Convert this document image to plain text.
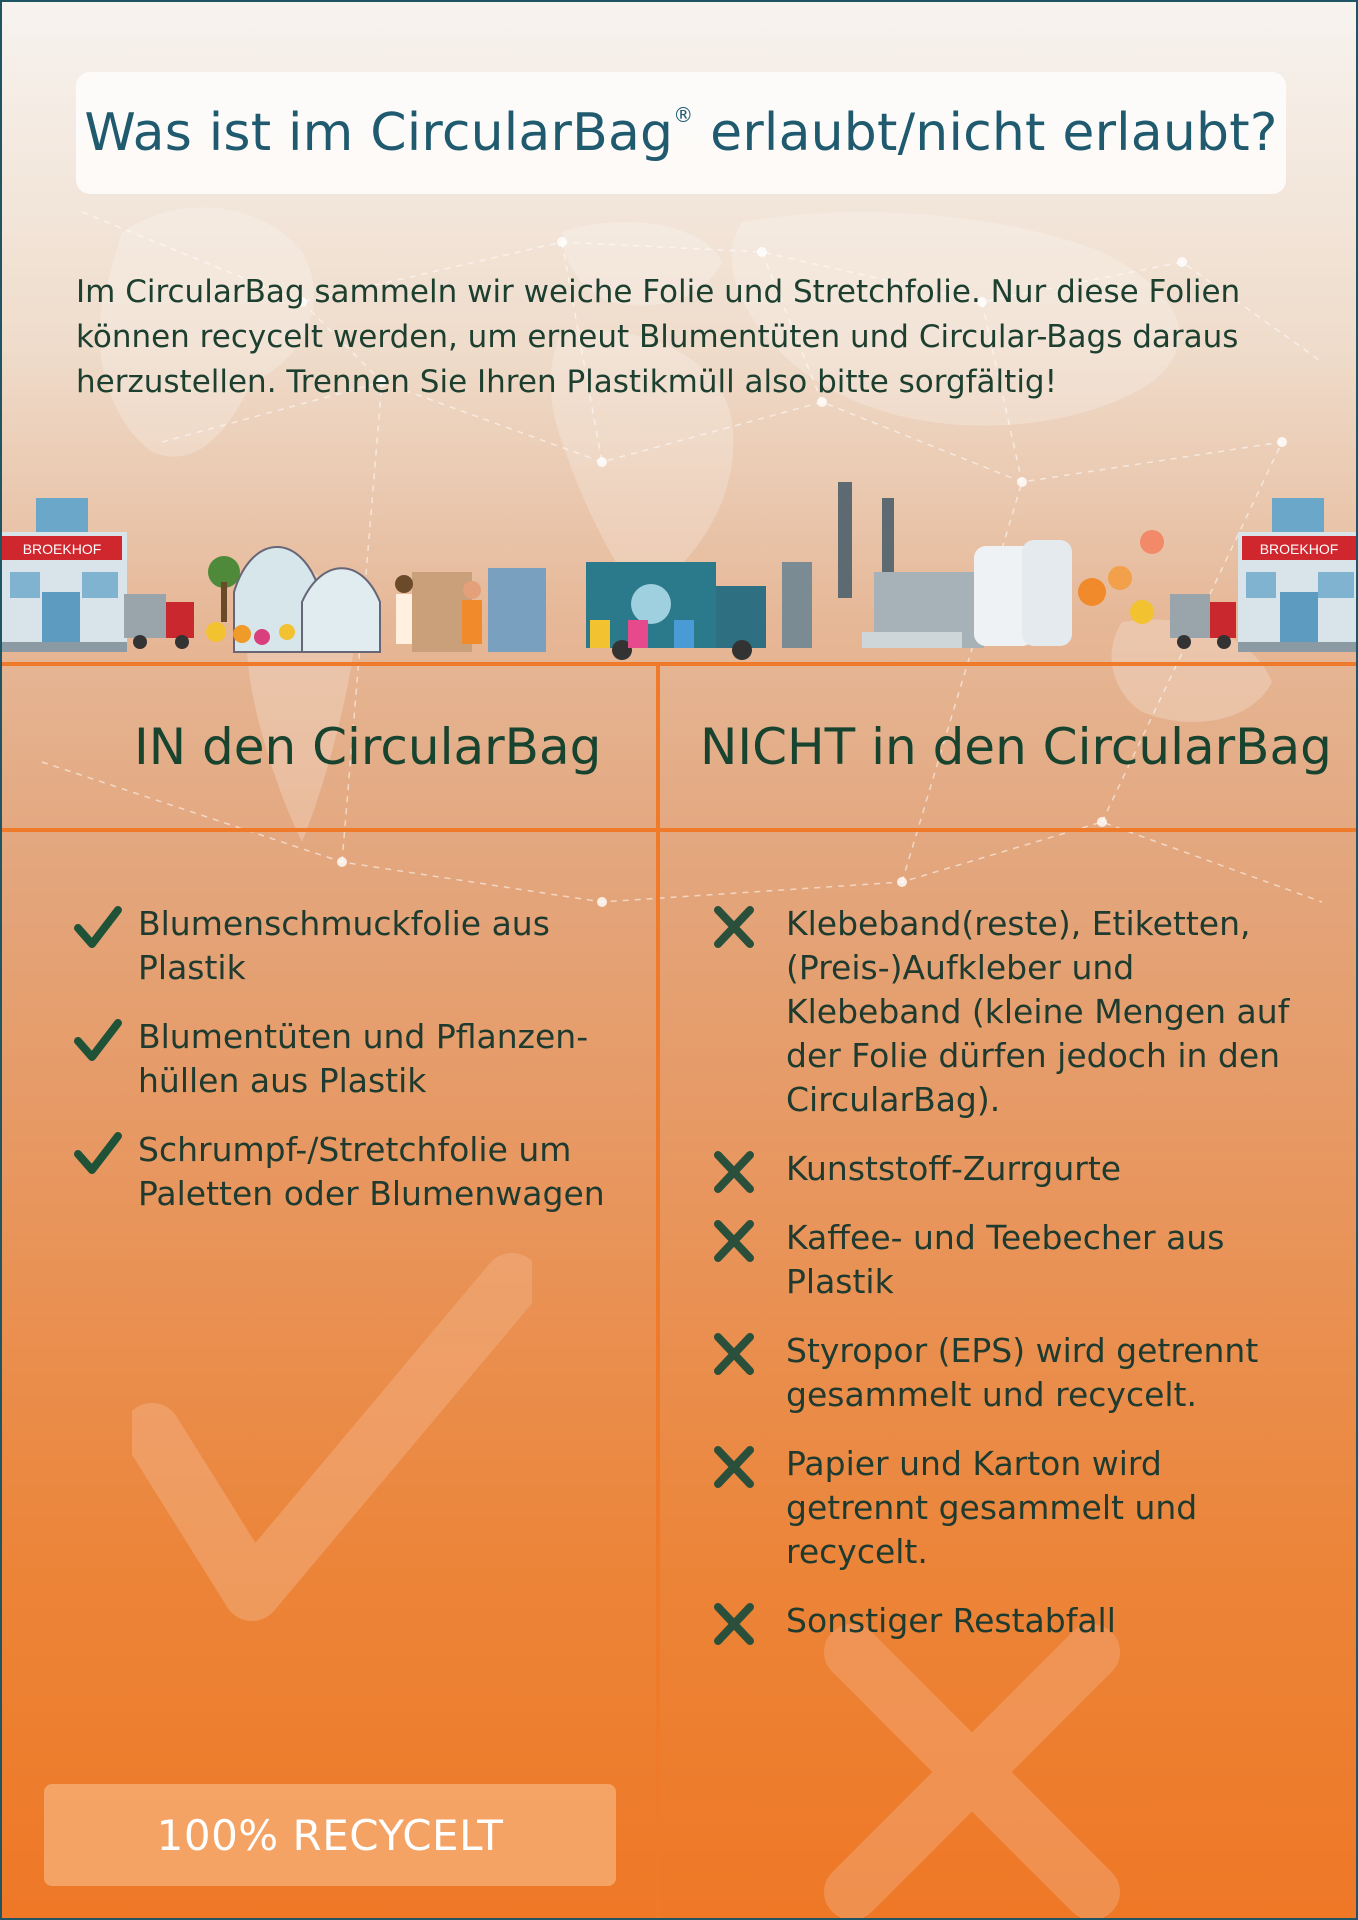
Was ist im CircularBag® erlaubt/nicht erlaubt?

Im CircularBag sammeln wir weiche Folie und Stretchfolie. Nur diese Folien können recycelt werden, um erneut Blumentüten und Circular-Bags daraus herzustellen. Trennen Sie Ihren Plastikmüll also bitte sorgfältig!

BROEKHOF	BROEKHOF
IN den CircularBag NICHT in den CircularBag
Blumenschmuckfolie aus Plastik
Blumentüten und Pflanzen-hüllen aus Plastik
Schrumpf-/Stretchfolie um Paletten oder Blumenwagen
Klebeband(reste), Etiketten, (Preis-)Aufkleber und Klebeband (kleine Mengen auf der Folie dürfen jedoch in den CircularBag).
Kunststoff-Zurrgurte
Kaffee- und Teebecher aus Plastik
Styropor (EPS) wird getrennt gesammelt und recycelt.
Papier und Karton wird getrennt gesammelt und recycelt.
Sonstiger Restabfall
100% RECYCELT
